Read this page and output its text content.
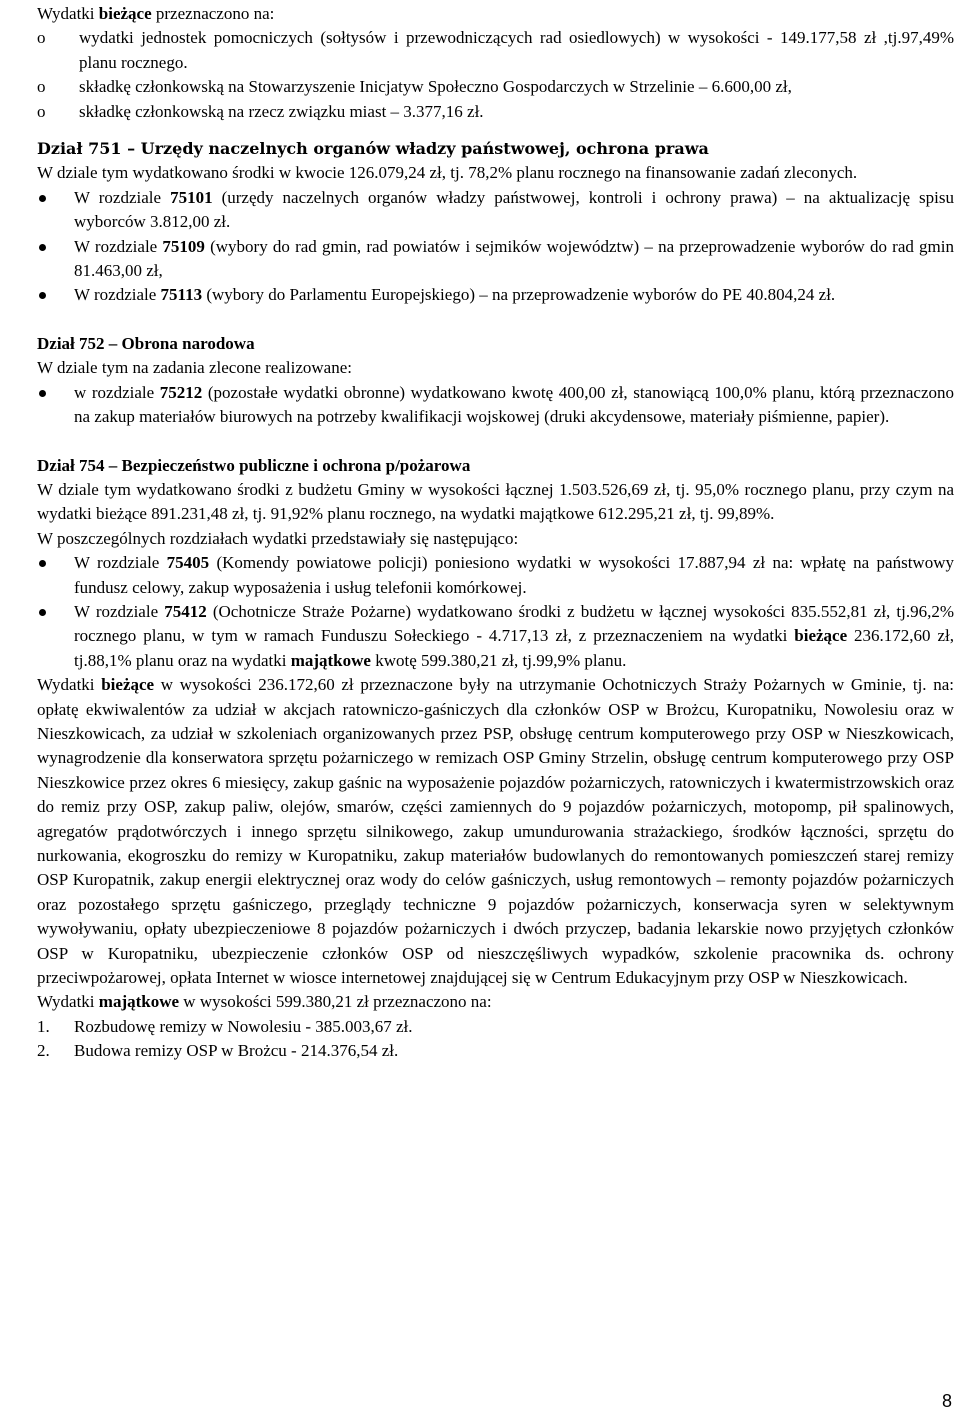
Wydatki bieżące przeznaczono na:

o wydatki jednostek pomocniczych (sołtysów i przewodniczących rad osiedlowych) w wysokości - 149.177,58 zł ,tj.97,49% planu rocznego.
o składkę członkowską na Stowarzyszenie Inicjatyw Społeczno Gospodarczych w Strzelinie – 6.600,00 zł,
o składkę członkowską na rzecz związku miast – 3.377,16 zł.

Dział 751 – Urzędy naczelnych organów władzy państwowej, ochrona prawa

W dziale tym wydatkowano środki w kwocie 126.079,24 zł, tj. 78,2% planu rocznego na finansowanie zadań zleconych.

W rozdziale 75101 (urzędy naczelnych organów władzy państwowej, kontroli i ochrony prawa) – na aktualizację spisu wyborców 3.812,00 zł.
W rozdziale 75109 (wybory do rad gmin, rad powiatów i sejmików województw) – na przeprowadzenie wyborów do rad gmin 81.463,00 zł,
W rozdziale 75113 (wybory do Parlamentu Europejskiego) – na przeprowadzenie wyborów do PE 40.804,24 zł.

Dział 752 – Obrona narodowa

W dziale tym na zadania zlecone realizowane:

w rozdziale 75212 (pozostałe wydatki obronne) wydatkowano kwotę 400,00 zł, stanowiącą 100,0% planu, którą przeznaczono na zakup materiałów biurowych na potrzeby kwalifikacji wojskowej (druki akcydensowe, materiały piśmienne, papier).

Dział 754 – Bezpieczeństwo publiczne i ochrona p/pożarowa

W dziale tym wydatkowano środki z budżetu Gminy w wysokości łącznej 1.503.526,69 zł, tj. 95,0% rocznego planu, przy czym na wydatki bieżące 891.231,48 zł, tj. 91,92% planu rocznego, na wydatki majątkowe 612.295,21 zł, tj. 99,89%.

W poszczególnych rozdziałach wydatki przedstawiały się następująco:

W rozdziale 75405 (Komendy powiatowe policji) poniesiono wydatki w wysokości 17.887,94 zł na: wpłatę na państwowy fundusz celowy, zakup wyposażenia i usług telefonii komórkowej.
W rozdziale 75412 (Ochotnicze Straże Pożarne) wydatkowano środki z budżetu w łącznej wysokości 835.552,81 zł, tj.96,2% rocznego planu, w tym w ramach Funduszu Sołeckiego - 4.717,13 zł, z przeznaczeniem na wydatki bieżące 236.172,60 zł, tj.88,1% planu oraz na wydatki majątkowe kwotę 599.380,21 zł, tj.99,9% planu.

Wydatki bieżące w wysokości 236.172,60 zł przeznaczone były na utrzymanie Ochotniczych Straży Pożarnych w Gminie, tj. na: opłatę ekwiwalentów za udział w akcjach ratowniczo-gaśniczych dla członków OSP w Brożcu, Kuropatniku, Nowolesiu oraz w Nieszkowicach, za udział w szkoleniach organizowanych przez PSP, obsługę centrum komputerowego przy OSP w Nieszkowicach, wynagrodzenie dla konserwatora sprzętu pożarniczego w remizach OSP Gminy Strzelin, obsługę centrum komputerowego przy OSP Nieszkowice przez okres 6 miesięcy, zakup gaśnic na wyposażenie pojazdów pożarniczych, ratowniczych i kwatermistrzowskich oraz do remiz przy OSP, zakup paliw, olejów, smarów, części zamiennych do 9 pojazdów pożarniczych, motopomp, pił spalinowych, agregatów prądotwórczych i innego sprzętu silnikowego, zakup umundurowania strażackiego, środków łączności, sprzętu do nurkowania, ekogroszku do remizy w Kuropatniku, zakup materiałów budowlanych do remontowanych pomieszczeń starej remizy OSP Kuropatnik, zakup energii elektrycznej oraz wody do celów gaśniczych, usług remontowych – remonty pojazdów pożarniczych oraz pozostałego sprzętu gaśniczego, przeglądy techniczne 9 pojazdów pożarniczych, konserwacja syren w selektywnym wywoływaniu, opłaty ubezpieczeniowe 8 pojazdów pożarniczych i dwóch przyczep, badania lekarskie nowo przyjętych członków OSP w Kuropatniku, ubezpieczenie członków OSP od nieszczęśliwych wypadków, szkolenie pracownika ds. ochrony przeciwpożarowej, opłata Internet w wiosce internetowej znajdującej się w Centrum Edukacyjnym przy OSP w Nieszkowicach.

Wydatki majątkowe w wysokości 599.380,21 zł przeznaczono na:

1. Rozbudowę remizy w Nowolesiu - 385.003,67 zł.
2. Budowa remizy OSP w Brożcu - 214.376,54 zł.
8
